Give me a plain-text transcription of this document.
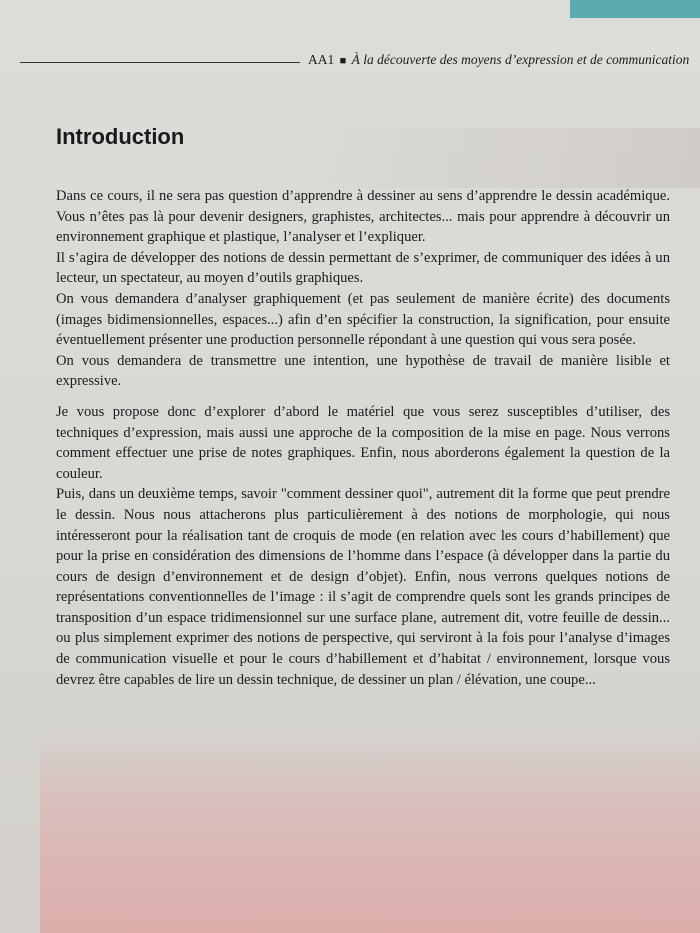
AA1 ■ À la découverte des moyens d’expression et de communication
Introduction

Dans ce cours, il ne sera pas question d’apprendre à dessiner au sens d’apprendre le dessin académique. Vous n’êtes pas là pour devenir designers, graphistes, architectes... mais pour apprendre à découvrir un environnement graphique et plastique, l’analyser et l’expliquer.

Il s’agira de développer des notions de dessin permettant de s’exprimer, de communiquer des idées à un lecteur, un spectateur, au moyen d’outils graphiques.

On vous demandera d’analyser graphiquement (et pas seulement de manière écrite) des documents (images bidimensionnelles, espaces...) afin d’en spécifier la construction, la signification, pour ensuite éventuellement présenter une production personnelle répondant à une question qui vous sera posée.

On vous demandera de transmettre une intention, une hypothèse de travail de manière lisible et expressive.

Je vous propose donc d’explorer d’abord le matériel que vous serez susceptibles d’utiliser, des techniques d’expression, mais aussi une approche de la composition de la mise en page. Nous verrons comment effectuer une prise de notes graphiques. Enfin, nous aborderons également la question de la couleur.

Puis, dans un deuxième temps, savoir "comment dessiner quoi", autrement dit la forme que peut prendre le dessin. Nous nous attacherons plus particulièrement à des notions de morphologie, qui nous intéresseront pour la réalisation tant de croquis de mode (en relation avec les cours d’habillement) que pour la prise en considération des dimensions de l’homme dans l’espace (à développer dans la partie du cours de design d’environnement et de design d’objet). Enfin, nous verrons quelques notions de représentations conventionnelles de l’image : il s’agit de comprendre quels sont les grands principes de transposition d’un espace tridimensionnel sur une surface plane, autrement dit, votre feuille de dessin... ou plus simplement exprimer des notions de perspective, qui serviront à la fois pour l’analyse d’images de communication visuelle et pour le cours d’habillement et d’habitat / environnement, lorsque vous devrez être capables de lire un dessin technique, de dessiner un plan / élévation, une coupe...
